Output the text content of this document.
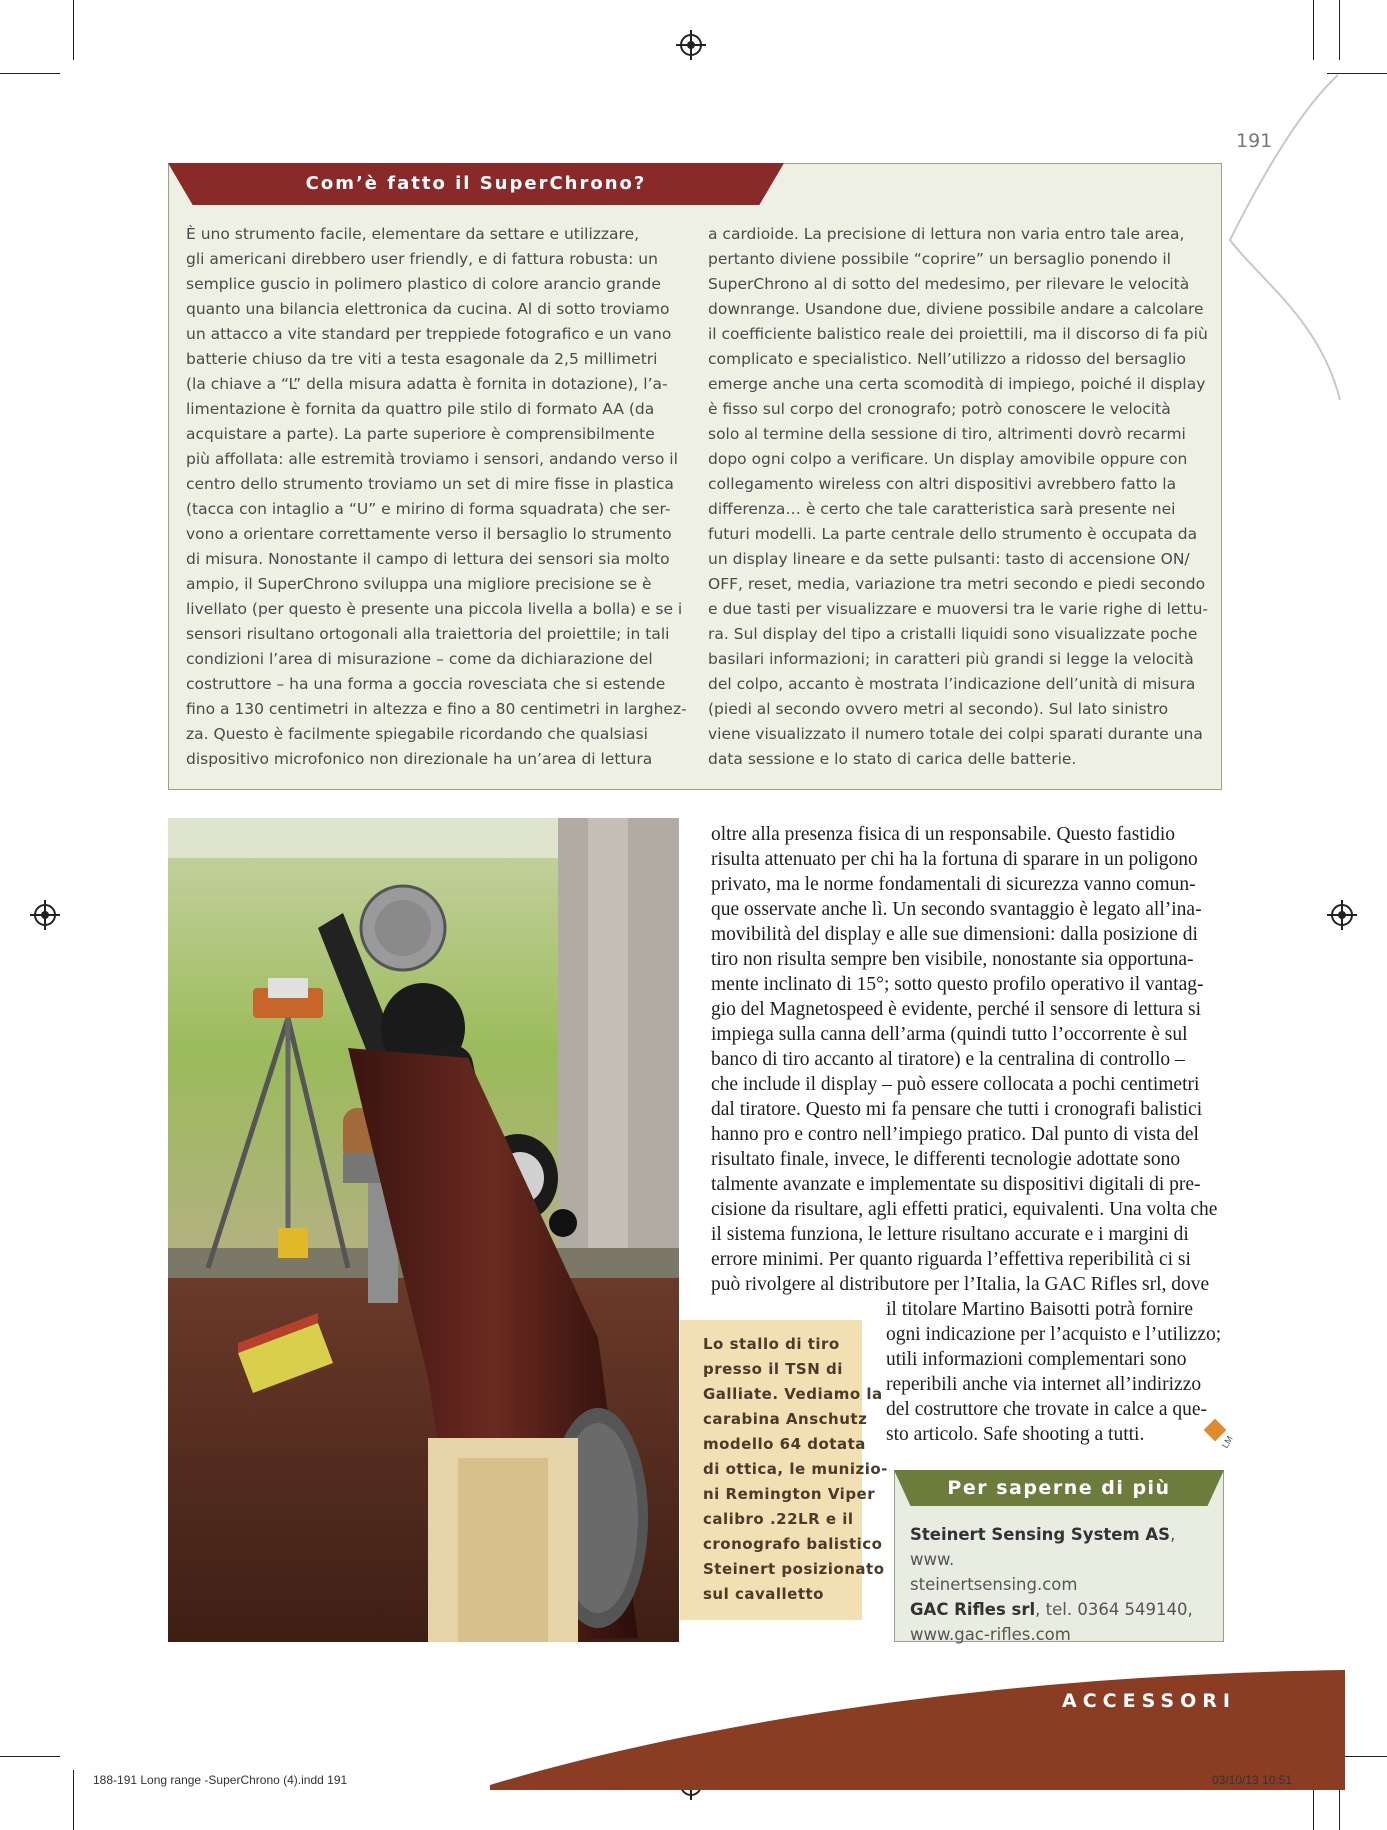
191
Com’è fatto il SuperChrono?
È uno strumento facile, elementare da settare e utilizzare,
gli americani direbbero user friendly, e di fattura robusta: un
semplice guscio in polimero plastico di colore arancio grande
quanto una bilancia elettronica da cucina. Al di sotto troviamo
un attacco a vite standard per treppiede fotografico e un vano
batterie chiuso da tre viti a testa esagonale da 2,5 millimetri
(la chiave a “L” della misura adatta è fornita in dotazione), l’a-
limentazione è fornita da quattro pile stilo di formato AA (da
acquistare a parte). La parte superiore è comprensibilmente
più affollata: alle estremità troviamo i sensori, andando verso il
centro dello strumento troviamo un set di mire fisse in plastica
(tacca con intaglio a “U” e mirino di forma squadrata) che ser-
vono a orientare correttamente verso il bersaglio lo strumento
di misura. Nonostante il campo di lettura dei sensori sia molto
ampio, il SuperChrono sviluppa una migliore precisione se è
livellato (per questo è presente una piccola livella a bolla) e se i
sensori risultano ortogonali alla traiettoria del proiettile; in tali
condizioni l’area di misurazione – come da dichiarazione del
costruttore – ha una forma a goccia rovesciata che si estende
fino a 130 centimetri in altezza e fino a 80 centimetri in larghez-
za. Questo è facilmente spiegabile ricordando che qualsiasi
dispositivo microfonico non direzionale ha un’area di lettura
a cardioide. La precisione di lettura non varia entro tale area,
pertanto diviene possibile “coprire” un bersaglio ponendo il
SuperChrono al di sotto del medesimo, per rilevare le velocità
downrange. Usandone due, diviene possibile andare a calcolare
il coefficiente balistico reale dei proiettili, ma il discorso di fa più
complicato e specialistico. Nell’utilizzo a ridosso del bersaglio
emerge anche una certa scomodità di impiego, poiché il display
è fisso sul corpo del cronografo; potrò conoscere le velocità
solo al termine della sessione di tiro, altrimenti dovrò recarmi
dopo ogni colpo a verificare. Un display amovibile oppure con
collegamento wireless con altri dispositivi avrebbero fatto la
differenza… è certo che tale caratteristica sarà presente nei
futuri modelli. La parte centrale dello strumento è occupata da
un display lineare e da sette pulsanti: tasto di accensione ON/
OFF, reset, media, variazione tra metri secondo e piedi secondo
e due tasti per visualizzare e muoversi tra le varie righe di lettu-
ra. Sul display del tipo a cristalli liquidi sono visualizzate poche
basilari informazioni; in caratteri più grandi si legge la velocità
del colpo, accanto è mostrata l’indicazione dell’unità di misura
(piedi al secondo ovvero metri al secondo). Sul lato sinistro
viene visualizzato il numero totale dei colpi sparati durante una
data sessione e lo stato di carica delle batterie.
Lo stallo di tiro
presso il TSN di
Galliate. Vediamo la
carabina Anschutz
modello 64 dotata
di ottica, le munizio-
ni Remington Viper
calibro .22LR e il
cronografo balistico
Steinert posizionato
sul cavalletto
oltre alla presenza fisica di un responsabile. Questo fastidio
risulta attenuato per chi ha la fortuna di sparare in un poligono
privato, ma le norme fondamentali di sicurezza vanno comun-
que osservate anche lì. Un secondo svantaggio è legato all’ina-
movibilità del display e alle sue dimensioni: dalla posizione di
tiro non risulta sempre ben visibile, nonostante sia opportuna-
mente inclinato di 15°; sotto questo profilo operativo il vantag-
gio del Magnetospeed è evidente, perché il sensore di lettura si
impiega sulla canna dell’arma (quindi tutto l’occorrente è sul
banco di tiro accanto al tiratore) e la centralina di controllo –
che include il display – può essere collocata a pochi centimetri
dal tiratore. Questo mi fa pensare che tutti i cronografi balistici
hanno pro e contro nell’impiego pratico. Dal punto di vista del
risultato finale, invece, le differenti tecnologie adottate sono
talmente avanzate e implementate su dispositivi digitali di pre-
cisione da risultare, agli effetti pratici, equivalenti. Una volta che
il sistema funziona, le letture risultano accurate e i margini di
errore minimi. Per quanto riguarda l’effettiva reperibilità ci si
può rivolgere al distributore per l’Italia, la GAC Rifles srl, dove
il titolare Martino Baisotti potrà fornire
ogni indicazione per l’acquisto e l’utilizzo;
utili informazioni complementari sono
reperibili anche via internet all’indirizzo
del costruttore che trovate in calce a que-
sto articolo. Safe shooting a tutti.	LM
Per saperne di più
Steinert Sensing System AS, www.
steinertsensing.com
GAC Rifles srl, tel. 0364 549140,
www.gac-rifles.com
ACCESSORI
188-191 Long range -SuperChrono (4).indd 191	03/10/13 10:51
